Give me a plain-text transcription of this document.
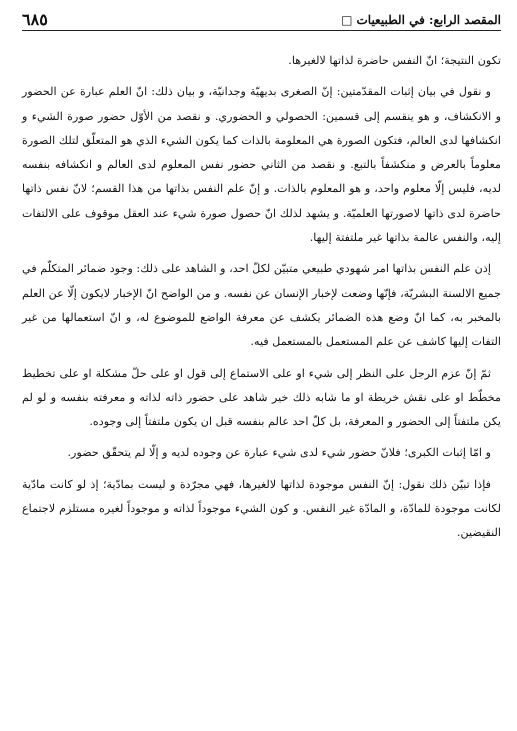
المقصد الرابع: في الطبيعيات
□
٦٨٥

تكون النتيجة؛ انّ النفس حاضرة لذاتها لالغيرها.

و نقول في بيان إثبات المقدّمتين: إنّ الصغرى بديهيّة وجدانيّة، و بيان ذلك: انّ العلم عبارة عن الحضور و الانكشاف، و هو ينقسم إلى قسمين: الحصولي و الحضوري. و نقصد من الأوّل حضور صورة الشيء و انكشافها لدى العالم، فتكون الصورة هي المعلومة بالذات كما يكون الشيء الذي هو المتعلّق لتلك الصورة معلوماً بالعرض و منكشفاً بالتبع. و نقصد من الثاني حضور نفس المعلوم لدى العالم و انكشافه بنفسه لديه، فليس إلّا معلوم واحد، و هو المعلوم بالذات. و إنّ علم النفس بذاتها من هذا القسم؛ لانّ نفس ذاتها حاضرة لدى ذاتها لاصورتها العلميّة. و يشهد لذلك انّ حصول صورة شيء عند العقل موقوف على الالتفات إليه، والنفس عالمة بذاتها غير ملتفتة إليها.

إذن علم النفس بذاتها امر شهودي طبيعي متبيّن لكلّ احد، و الشاهد على ذلك: وجود ضمائر المتكلّم في جميع الالسنة البشريّة، فإنّها وضعت لإخبار الإنسان عن نفسه. و من الواضح انّ الإخبار لايكون إلّا عن العلم بالمخبر به، كما انّ وضع هذه الضمائر يكشف عن معرفة الواضع للموضوع له، و انّ استعمالها من غير التفات إليها كاشف عن علم المستعمل بالمستعمل فيه.

ثمّ إنّ عزم الرجل على النظر إلى شيء او على الاستماع إلى قول او على حلّ مشكلة او على تخطيط مخطّط او على نقش خريطة او ما شابه ذلك خير شاهد على حضور ذاته لذاته و معرفته بنفسه و لو لم يكن ملتفتاً إلى الحضور و المعرفة، بل كلّ احد عالم بنفسه قبل ان يكون ملتفتاً إلى وجوده.

و امّا إثبات الكبرى؛ فلانّ حضور شيء لدى شيء عبارة عن وجوده لديه و إلّا لم يتحقّق حضور.

فإذا تبيّن ذلك نقول: إنّ النفس موجودة لذاتها لالغيرها، فهي مجرّدة و ليست بمادّية؛ إذ لو كانت مادّية لكانت موجودة للمادّة، و المادّة غير النفس. و كون الشيء موجوداً لذاته و موجوداً لغيره مستلزم لاجتماع النقيضين.
